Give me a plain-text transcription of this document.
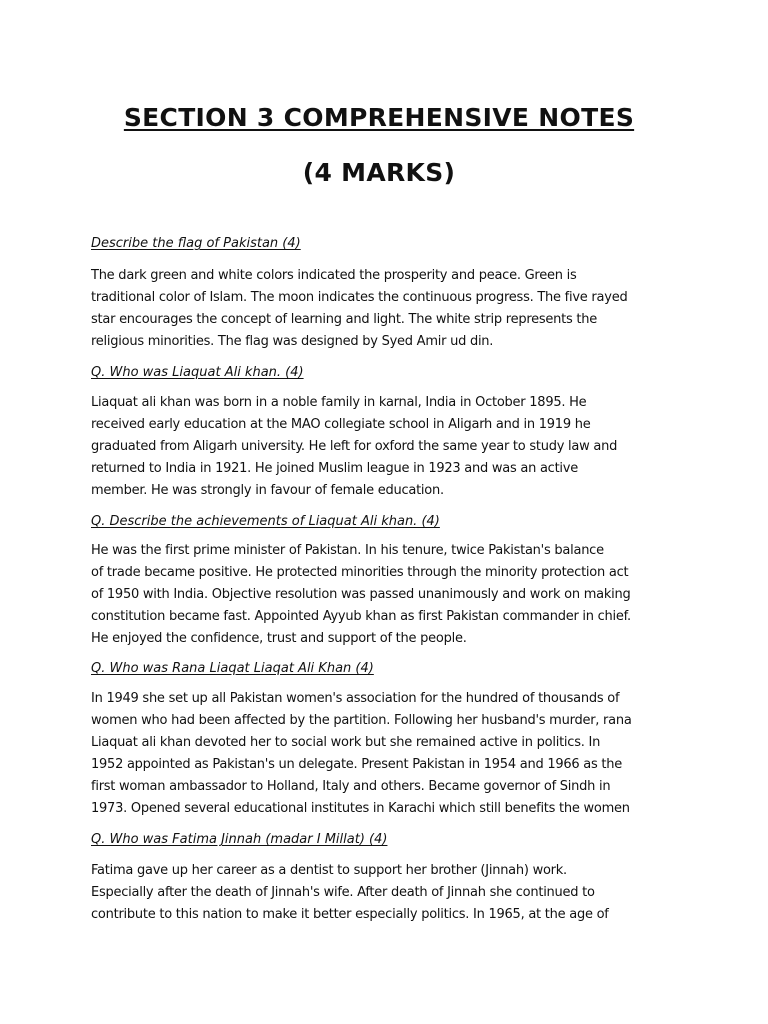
SECTION 3 COMPREHENSIVE NOTES
(4 MARKS)
Describe the flag of Pakistan (4)
The dark green and white colors indicated the prosperity and peace. Green is
traditional color of Islam. The moon indicates the continuous progress. The five rayed
star encourages the concept of learning and light. The white strip represents the
religious minorities. The flag was designed by Syed Amir ud din.
Q. Who was Liaquat Ali khan. (4)
Liaquat ali khan was born in a noble family in karnal, India in October 1895. He
received early education at the MAO collegiate school in Aligarh and in 1919 he
graduated from Aligarh university. He left for oxford the same year to study law and
returned to India in 1921. He joined Muslim league in 1923 and was an active
member. He was strongly in favour of female education.
Q. Describe the achievements of Liaquat Ali khan. (4)
He was the first prime minister of Pakistan. In his tenure, twice Pakistan's balance
of trade became positive. He protected minorities through the minority protection act
of 1950 with India. Objective resolution was passed unanimously and work on making
constitution became fast. Appointed Ayyub khan as first Pakistan commander in chief.
He enjoyed the confidence, trust and support of the people.
Q. Who was Rana Liaqat Liaqat Ali Khan (4)
In 1949 she set up all Pakistan women's association for the hundred of thousands of
women who had been affected by the partition. Following her husband's murder, rana
Liaquat ali khan devoted her to social work but she remained active in politics. In
1952 appointed as Pakistan's un delegate. Present Pakistan in 1954 and 1966 as the
first woman ambassador to Holland, Italy and others. Became governor of Sindh in
1973. Opened several educational institutes in Karachi which still benefits the women
Q. Who was Fatima Jinnah (madar I Millat) (4)
Fatima gave up her career as a dentist to support her brother (Jinnah) work.
Especially after the death of Jinnah's wife. After death of Jinnah she continued to
contribute to this nation to make it better especially politics. In 1965, at the age of
